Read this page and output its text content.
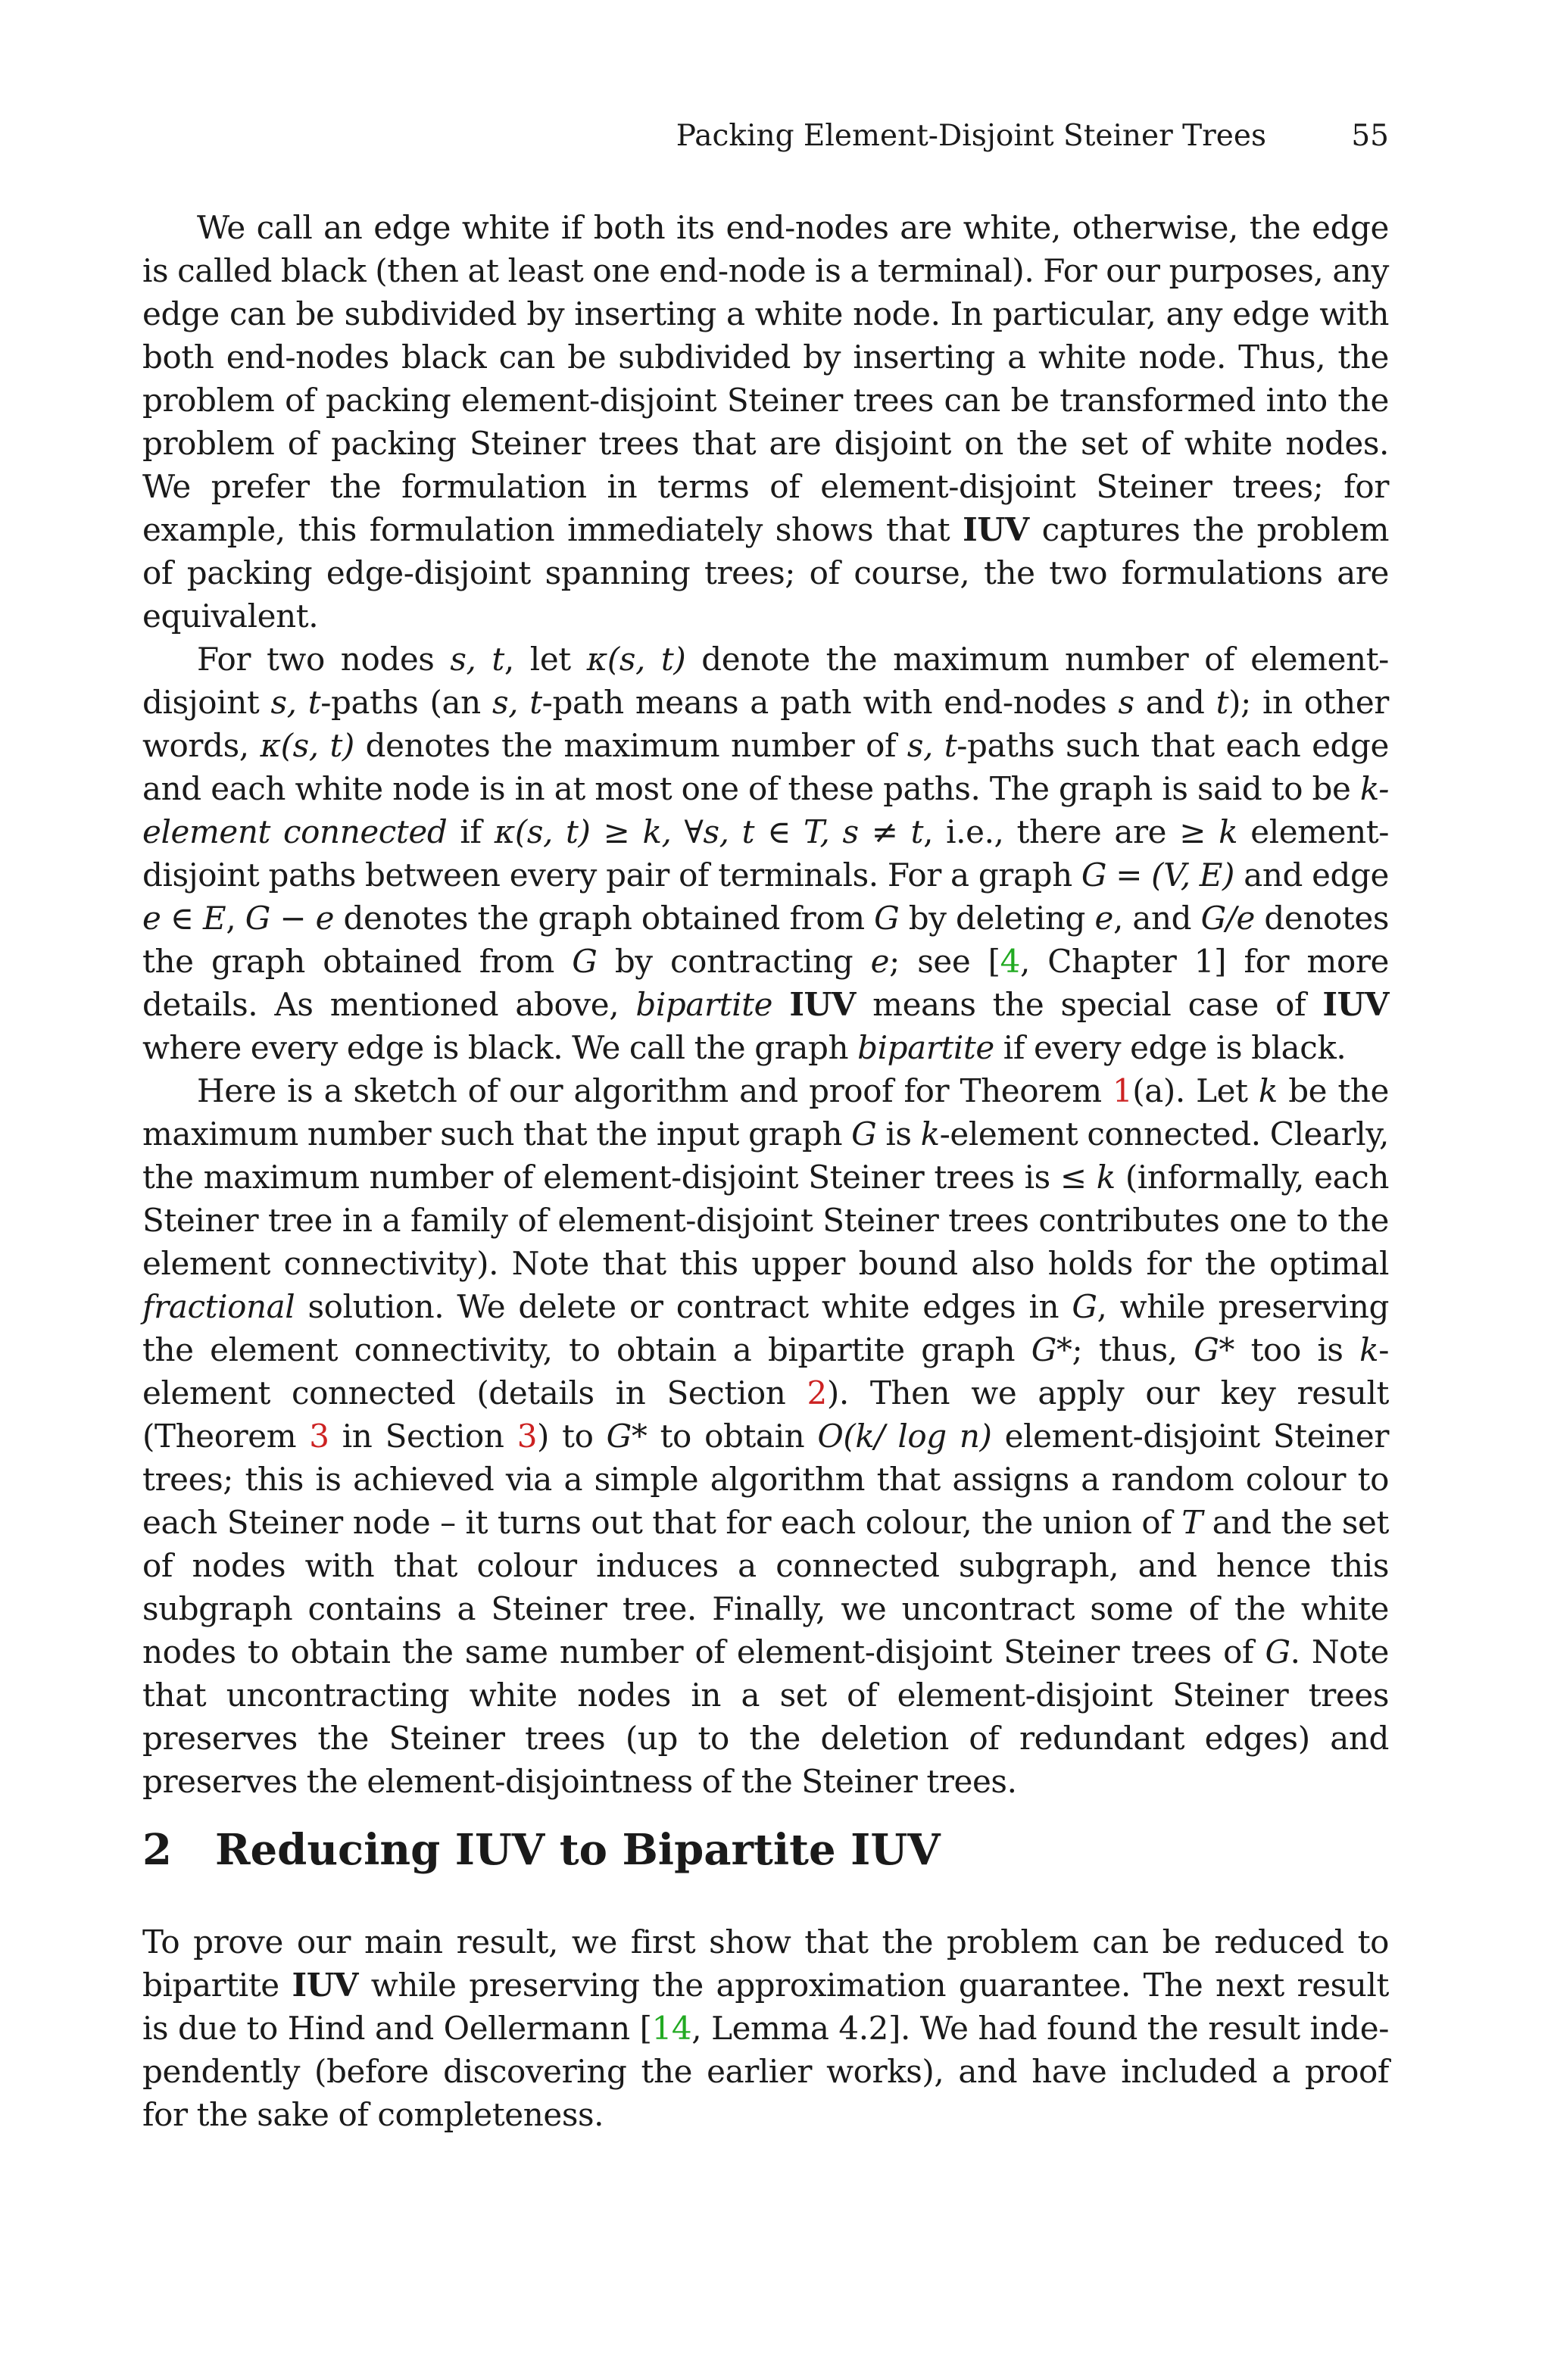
Packing Element-Disjoint Steiner Trees	55

We call an edge white if both its end-nodes are white, otherwise, the edge is called black (then at least one end-node is a terminal). For our purposes, any edge can be subdivided by inserting a white node. In particular, any edge with both end-nodes black can be subdivided by inserting a white node. Thus, the problem of packing element-disjoint Steiner trees can be transformed into the problem of packing Steiner trees that are disjoint on the set of white nodes. We prefer the formulation in terms of element-disjoint Steiner trees; for example, this formulation immediately shows that IUV captures the problem of packing edge-disjoint spanning trees; of course, the two formulations are equivalent.

For two nodes s, t, let κ(s, t) denote the maximum number of element-disjoint s, t-paths (an s, t-path means a path with end-nodes s and t); in other words, κ(s, t) denotes the maximum number of s, t-paths such that each edge and each white node is in at most one of these paths. The graph is said to be k-element connected if κ(s, t) ≥ k, ∀s, t ∈ T, s ≠ t, i.e., there are ≥ k element-disjoint paths between every pair of terminals. For a graph G = (V, E) and edge e ∈ E, G − e denotes the graph obtained from G by deleting e, and G/e denotes the graph obtained from G by contracting e; see [4, Chapter 1] for more details. As mentioned above, bipartite IUV means the special case of IUV where every edge is black. We call the graph bipartite if every edge is black.

Here is a sketch of our algorithm and proof for Theorem 1(a). Let k be the maximum number such that the input graph G is k-element connected. Clearly, the maximum number of element-disjoint Steiner trees is ≤ k (informally, each Steiner tree in a family of element-disjoint Steiner trees contributes one to the element connectivity). Note that this upper bound also holds for the optimal fractional solution. We delete or contract white edges in G, while preserving the element connectivity, to obtain a bipartite graph G*; thus, G* too is k-element connected (details in Section 2). Then we apply our key result (Theorem 3 in Section 3) to G* to obtain O(k/ log n) element-disjoint Steiner trees; this is achieved via a simple algorithm that assigns a random colour to each Steiner node – it turns out that for each colour, the union of T and the set of nodes with that colour induces a connected subgraph, and hence this subgraph contains a Steiner tree. Finally, we uncontract some of the white nodes to obtain the same number of element-disjoint Steiner trees of G. Note that uncontracting white nodes in a set of element-disjoint Steiner trees preserves the Steiner trees (up to the deletion of redundant edges) and preserves the element-disjointness of the Steiner trees.

2 Reducing IUV to Bipartite IUV

To prove our main result, we first show that the problem can be reduced to bipartite IUV while preserving the approximation guarantee. The next result is due to Hind and Oellermann [14, Lemma 4.2]. We had found the result inde-pendently (before discovering the earlier works), and have included a proof for the sake of completeness.
